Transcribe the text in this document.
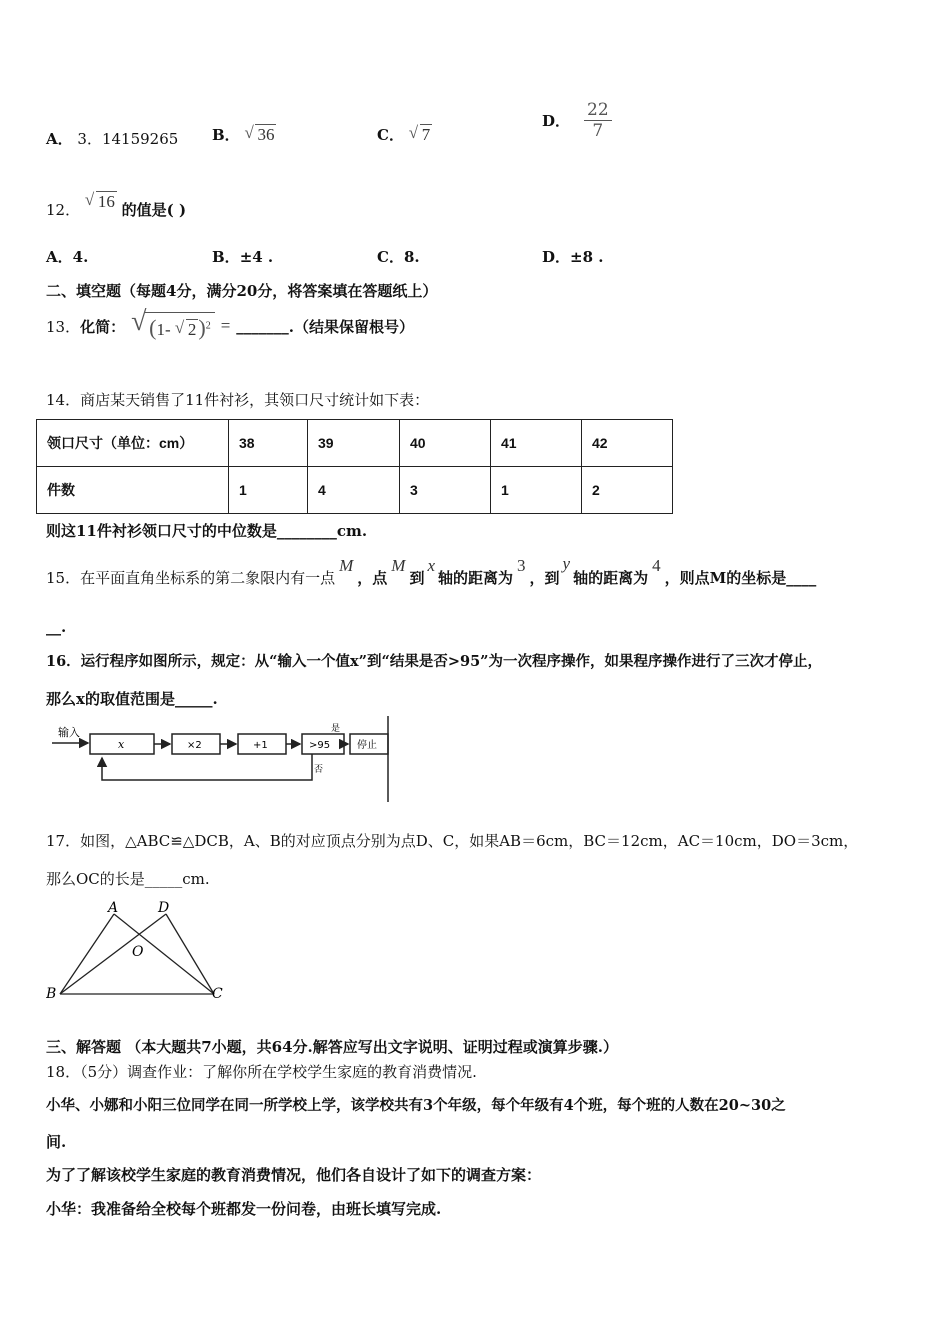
A． 3．14159265 B． √ 36	C． √ 7
D． $\frac{22}{7}$
12． √ 16 的值是( )
A．4.	B．±4 .	C．8.	D．±8 .
二、填空题（每题4分，满分20分，将答案填在答题纸上）
13． 化简： √ (1- √ 2)$^2$ = _______ .（结果保留根号）
14．商店某天销售了11件衬衫，其领口尺寸统计如下表：
领口尺寸（单位：cm）	38	39	40	41	42
件数	1	4	3	1	2
则这11件衬衫领口尺寸的中位数是________cm.
15．在平面直角坐标系的第二象限内有一点
M
，点
M
到
x
轴的距离为
3
，到
y
轴的距离为
4
，则点M的坐标是____
__.
16．运行程序如图所示，规定：从“输入一个值x”到“结果是否>95”为一次程序操作，如果程序操作进行了三次才停止，
那么x的取值范围是_____.
输入
x	×2	+1	>95
是
停止
否
17．如图，△ABC≌△DCB，A、B的对应顶点分别为点D、C，如果AB＝6cm，BC＝12cm，AC＝10cm，DO＝3cm，
那么OC的长是_____cm.
A	D
O
B	C
三、解答题 （本大题共7小题，共64分.解答应写出文字说明、证明过程或演算步骤.）
18．（5分）调查作业：了解你所在学校学生家庭的教育消费情况.
小华、小娜和小阳三位同学在同一所学校上学，该学校共有3个年级，每个年级有4个班，每个班的人数在20~30之
间.
为了了解该校学生家庭的教育消费情况，他们各自设计了如下的调查方案：
小华：我准备给全校每个班都发一份问卷，由班长填写完成.
